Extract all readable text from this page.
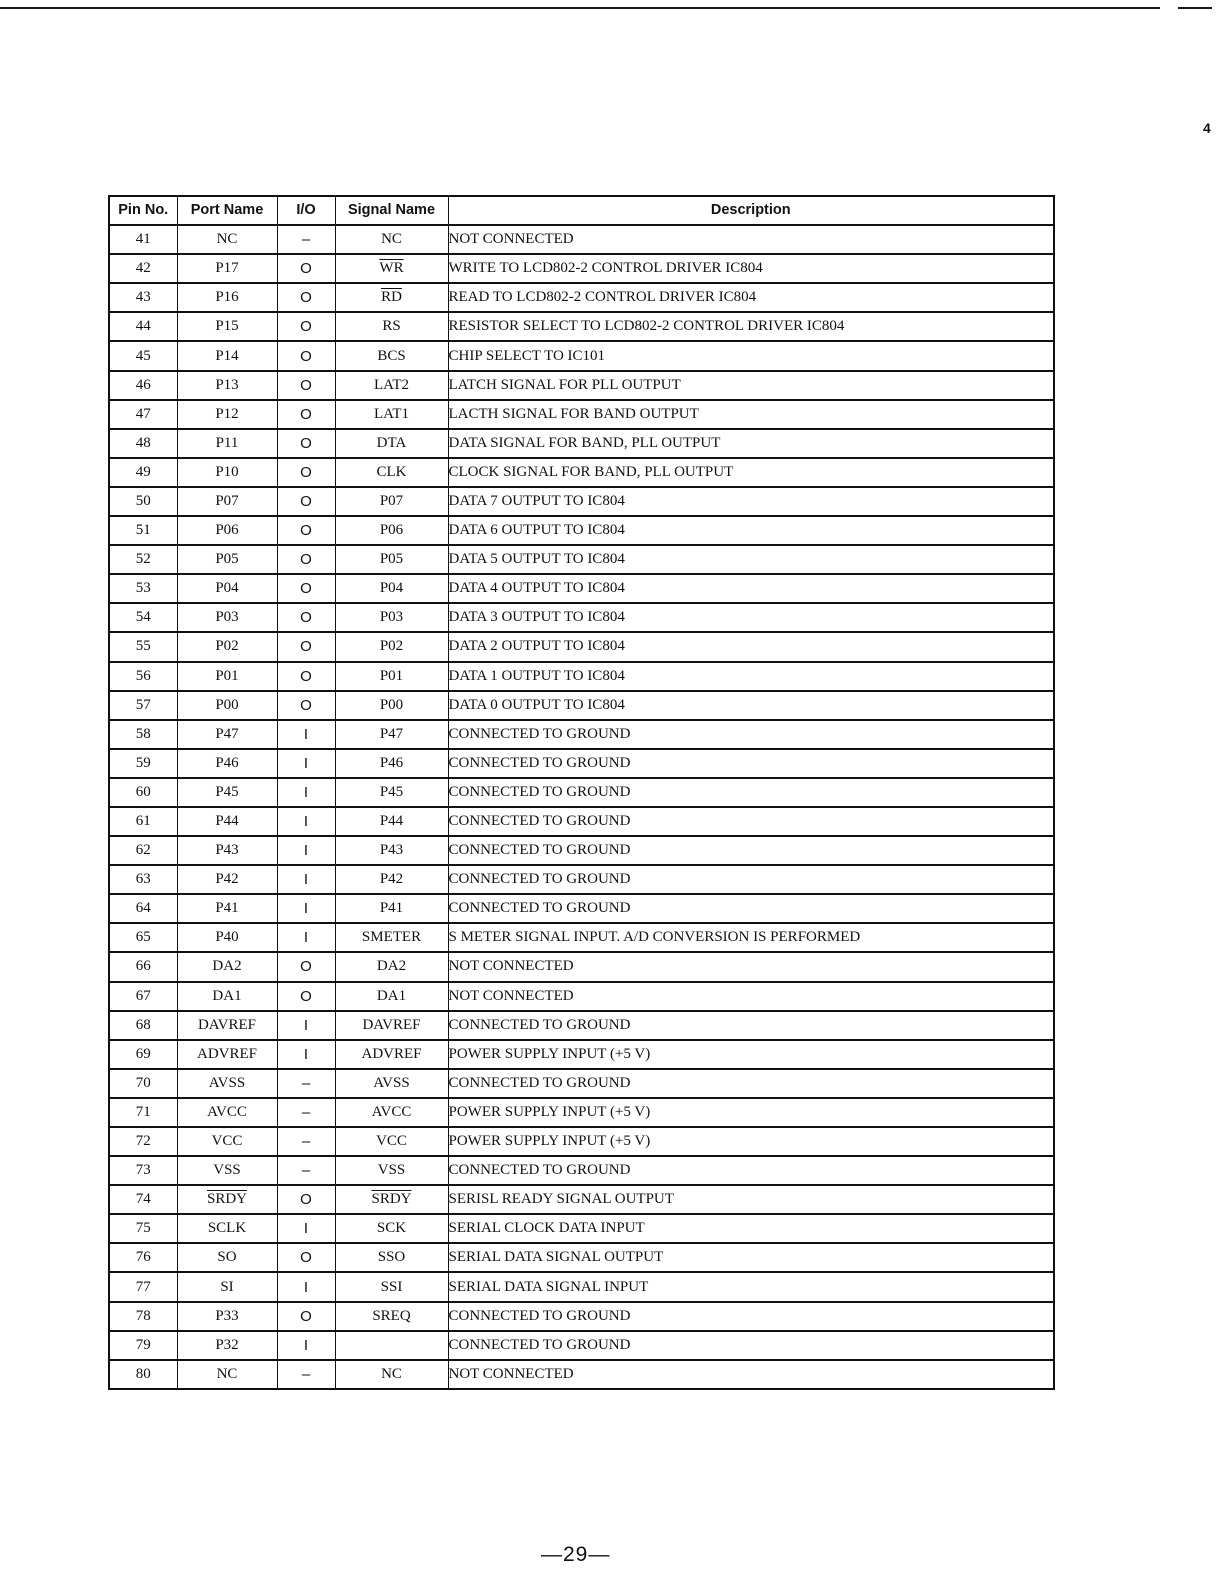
4
Pin No.	Port Name	I/O	Signal Name	Description
41	NC	–	NC	NOT CONNECTED
42	P17	O	$\overline{WR}$	WRITE TO LCD802-2 CONTROL DRIVER IC804
43	P16	O	$\overline{RD}$	READ TO LCD802-2 CONTROL DRIVER IC804
44	P15	O	RS	RESISTOR SELECT TO LCD802-2 CONTROL DRIVER IC804
45	P14	O	BCS	CHIP SELECT TO IC101
46	P13	O	LAT2	LATCH SIGNAL FOR PLL OUTPUT
47	P12	O	LAT1	LACTH SIGNAL FOR BAND OUTPUT
48	P11	O	DTA	DATA SIGNAL FOR BAND, PLL OUTPUT
49	P10	O	CLK	CLOCK SIGNAL FOR BAND, PLL OUTPUT
50	P07	O	P07	DATA 7 OUTPUT TO IC804
51	P06	O	P06	DATA 6 OUTPUT TO IC804
52	P05	O	P05	DATA 5 OUTPUT TO IC804
53	P04	O	P04	DATA 4 OUTPUT TO IC804
54	P03	O	P03	DATA 3 OUTPUT TO IC804
55	P02	O	P02	DATA 2 OUTPUT TO IC804
56	P01	O	P01	DATA 1 OUTPUT TO IC804
57	P00	O	P00	DATA 0 OUTPUT TO IC804
58	P47	I	P47	CONNECTED TO GROUND
59	P46	I	P46	CONNECTED TO GROUND
60	P45	I	P45	CONNECTED TO GROUND
61	P44	I	P44	CONNECTED TO GROUND
62	P43	I	P43	CONNECTED TO GROUND
63	P42	I	P42	CONNECTED TO GROUND
64	P41	I	P41	CONNECTED TO GROUND
65	P40	I	SMETER	S METER SIGNAL INPUT. A/D CONVERSION IS PERFORMED
66	DA2	O	DA2	NOT CONNECTED
67	DA1	O	DA1	NOT CONNECTED
68	DAVREF	I	DAVREF	CONNECTED TO GROUND
69	ADVREF	I	ADVREF	POWER SUPPLY INPUT (+5 V)
70	AVSS	–	AVSS	CONNECTED TO GROUND
71	AVCC	–	AVCC	POWER SUPPLY INPUT (+5 V)
72	VCC	–	VCC	POWER SUPPLY INPUT (+5 V)
73	VSS	–	VSS	CONNECTED TO GROUND
74	SRDY	O	SRDY	SERISL READY SIGNAL OUTPUT
75	SCLK	I	SCK	SERIAL CLOCK DATA INPUT
76	SO	O	SSO	SERIAL DATA SIGNAL OUTPUT
77	SI	I	SSI	SERIAL DATA SIGNAL INPUT
78	P33	O	SREQ	CONNECTED TO GROUND
79	P32	I		CONNECTED TO GROUND
80	NC	–	NC	NOT CONNECTED
—29—
